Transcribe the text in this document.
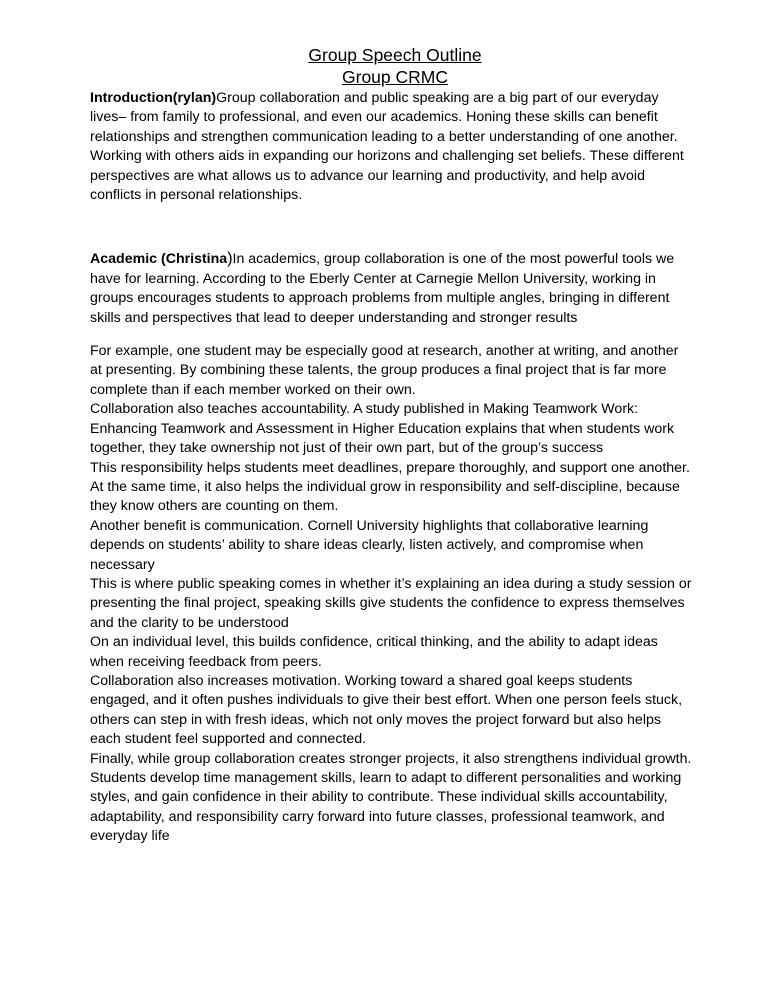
Group Speech Outline

Group CRMC

Introduction(rylan)Group collaboration and public speaking are a big part of our everyday
lives– from family to professional, and even our academics. Honing these skills can benefit
relationships and strengthen communication leading to a better understanding of one another.
Working with others aids in expanding our horizons and challenging set beliefs. These different
perspectives are what allows us to advance our learning and productivity, and help avoid
conflicts in personal relationships.

Academic (Christina)In academics, group collaboration is one of the most powerful tools we
have for learning. According to the Eberly Center at Carnegie Mellon University, working in
groups encourages students to approach problems from multiple angles, bringing in different
skills and perspectives that lead to deeper understanding and stronger results

For example, one student may be especially good at research, another at writing, and another
at presenting. By combining these talents, the group produces a final project that is far more
complete than if each member worked on their own.
Collaboration also teaches accountability. A study published in Making Teamwork Work:
Enhancing Teamwork and Assessment in Higher Education explains that when students work
together, they take ownership not just of their own part, but of the group’s success
This responsibility helps students meet deadlines, prepare thoroughly, and support one another.
At the same time, it also helps the individual grow in responsibility and self-discipline, because
they know others are counting on them.
Another benefit is communication. Cornell University highlights that collaborative learning
depends on students’ ability to share ideas clearly, listen actively, and compromise when
necessary
This is where public speaking comes in whether it’s explaining an idea during a study session or
presenting the final project, speaking skills give students the confidence to express themselves
and the clarity to be understood
On an individual level, this builds confidence, critical thinking, and the ability to adapt ideas
when receiving feedback from peers.
Collaboration also increases motivation. Working toward a shared goal keeps students
engaged, and it often pushes individuals to give their best effort. When one person feels stuck,
others can step in with fresh ideas, which not only moves the project forward but also helps
each student feel supported and connected.
Finally, while group collaboration creates stronger projects, it also strengthens individual growth.
Students develop time management skills, learn to adapt to different personalities and working
styles, and gain confidence in their ability to contribute. These individual skills accountability,
adaptability, and responsibility carry forward into future classes, professional teamwork, and
everyday life
